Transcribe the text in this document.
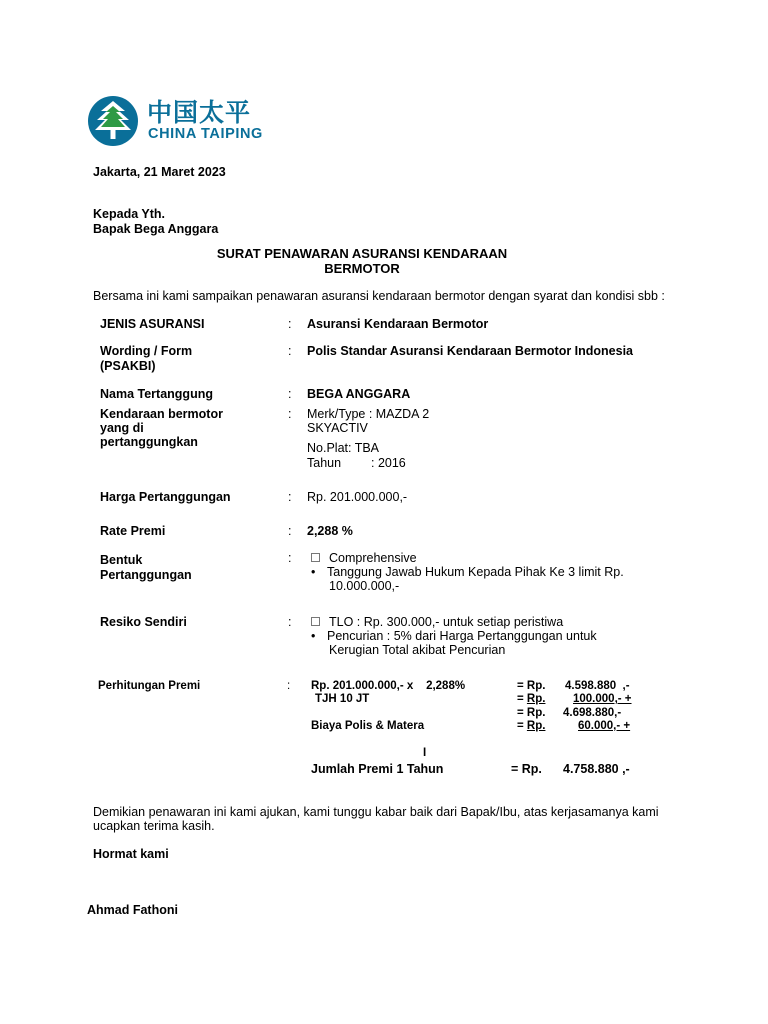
中国太平
CHINA TAIPING
Jakarta, 21 Maret 2023
Kepada Yth.
Bapak Bega Anggara
SURAT PENAWARAN ASURANSI KENDARAAN
BERMOTOR
Bersama ini kami sampaikan penawaran asuransi kendaraan bermotor dengan syarat dan kondisi sbb :
JENIS ASURANSI	: Asuransi Kendaraan Bermotor
Wording / Form
(PSAKBI)
: Polis Standar Asuransi Kendaraan Bermotor Indonesia
Nama Tertanggung	: BEGA ANGGARA
Kendaraan bermotor
yang di
pertanggungkan
: Merk/Type : MAZDA 2
SKYACTIV
No.Plat: TBA
Tahun : 2016
Harga Pertanggungan	: Rp. 201.000.000,-
Rate Premi	: 2,288 %
Bentuk
Pertanggungan
:	Comprehensive
• Tanggung Jawab Hukum Kepada Pihak Ke 3 limit Rp.
10.000.000,-
Resiko Sendiri	:	TLO : Rp. 300.000,- untuk setiap peristiwa
• Pencurian : 5% dari Harga Pertanggungan untuk
Kerugian Total akibat Pencurian
Perhitungan Premi	: Rp. 201.000.000,- x    2,288%	= Rp. 4.598.880  ,-
TJH 10 JT	= Rp. 100.000,- +
= Rp. 4.698.880,-
Biaya Polis & Matera	= Rp.	60.000,- +
I
Jumlah Premi 1 Tahun	= Rp. 4.758.880 ,-
Demikian penawaran ini kami ajukan, kami tunggu kabar baik dari Bapak/Ibu, atas kerjasamanya kami
ucapkan terima kasih.
Hormat kami
Ahmad Fathoni
